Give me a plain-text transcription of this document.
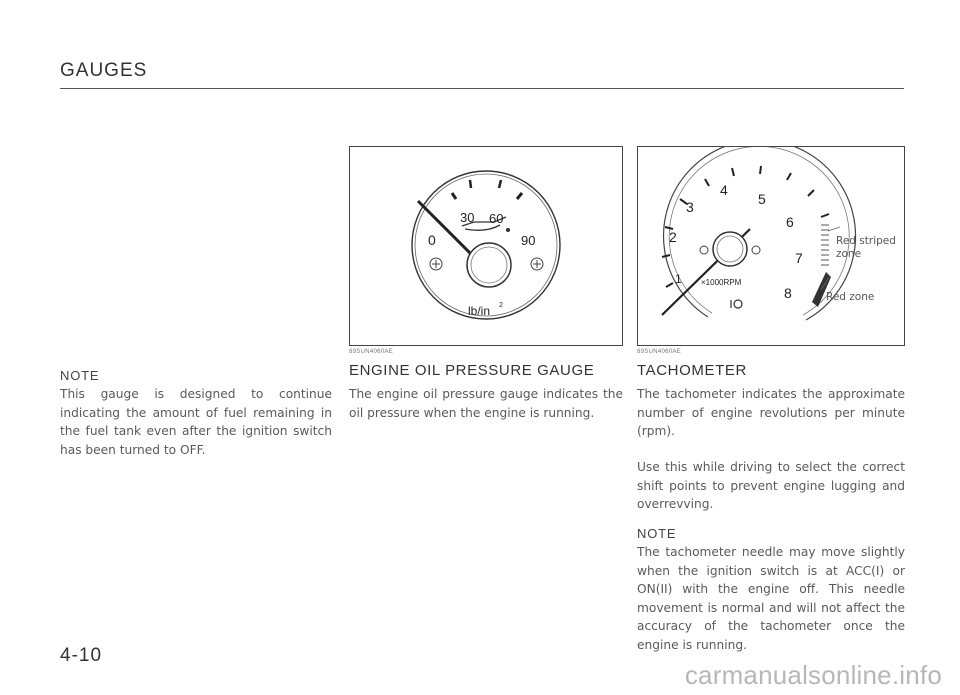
GAUGES
NOTE
This gauge is designed to continue indicating the amount of fuel remaining in the fuel tank even after the ignition switch has been turned to OFF.
0
30 60
90
lb/in 2
89SUN4060AE
ENGINE OIL PRESSURE GAUGE
The engine oil pressure gauge indicates the oil pressure when the engine is running.
1
2
3
4
5
6
7
8
×1000RPM
Red striped
zone
Red zone
89SUN4060AE
TACHOMETER
The tachometer indicates the approximate number of engine revolutions per minute (rpm).
Use this while driving to select the correct shift points to prevent engine lugging and overrevving.
NOTE
The tachometer needle may move slightly when the ignition switch is at ACC(I) or ON(II) with the engine off. This needle movement is normal and will not affect the accuracy of the tachometer once the engine is running.
4-10
carmanualsonline.info
